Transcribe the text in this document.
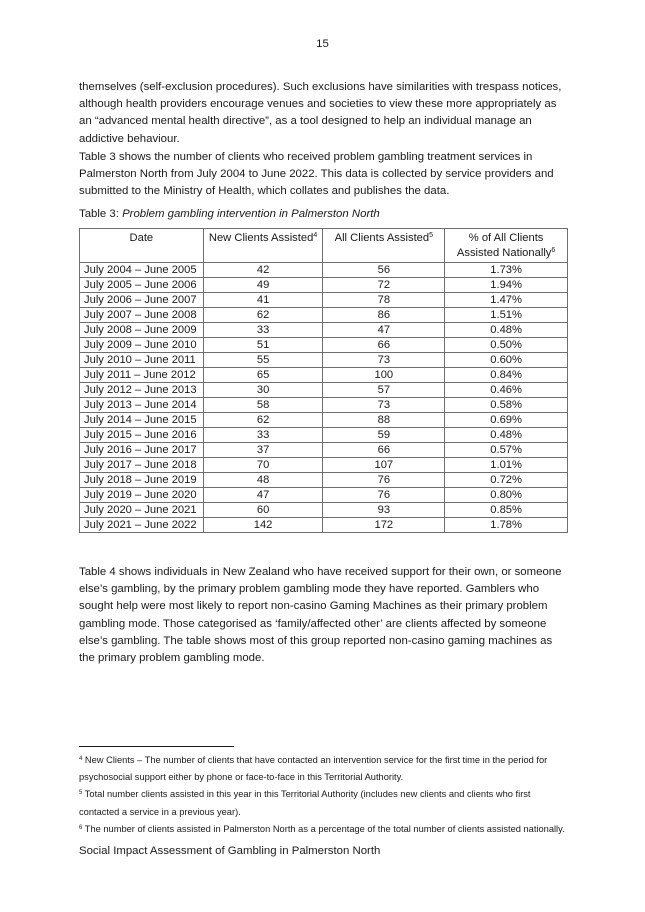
15

themselves (self-exclusion procedures). Such exclusions have similarities with trespass notices, although health providers encourage venues and societies to view these more appropriately as an “advanced mental health directive”, as a tool designed to help an individual manage an addictive behaviour.

Table 3 shows the number of clients who received problem gambling treatment services in Palmerston North from July 2004 to June 2022. This data is collected by service providers and submitted to the Ministry of Health, which collates and publishes the data.

Table 3: Problem gambling intervention in Palmerston North

Date	New Clients Assisted$^4$	All Clients Assisted$^5$	% of All Clients
Assisted Nationally$^6$
July 2004 – June 2005	42	56	1.73%
July 2005 – June 2006	49	72	1.94%
July 2006 – June 2007	41	78	1.47%
July 2007 – June 2008	62	86	1.51%
July 2008 – June 2009	33	47	0.48%
July 2009 – June 2010	51	66	0.50%
July 2010 – June 2011	55	73	0.60%
July 2011 – June 2012	65	100	0.84%
July 2012 – June 2013	30	57	0.46%
July 2013 – June 2014	58	73	0.58%
July 2014 – June 2015	62	88	0.69%
July 2015 – June 2016	33	59	0.48%
July 2016 – June 2017	37	66	0.57%
July 2017 – June 2018	70	107	1.01%
July 2018 – June 2019	48	76	0.72%
July 2019 – June 2020	47	76	0.80%
July 2020 – June 2021	60	93	0.85%
July 2021 – June 2022	142	172	1.78%

Table 4 shows individuals in New Zealand who have received support for their own, or someone else’s gambling, by the primary problem gambling mode they have reported. Gamblers who sought help were most likely to report non-casino Gaming Machines as their primary problem gambling mode. Those categorised as ‘family/affected other’ are clients affected by someone else’s gambling. The table shows most of this group reported non-casino gaming machines as the primary problem gambling mode.

$^4$ New Clients – The number of clients that have contacted an intervention service for the first time in the period for psychosocial support either by phone or face-to-face in this Territorial Authority.

$^5$ Total number clients assisted in this year in this Territorial Authority (includes new clients and clients who first contacted a service in a previous year).

$^6$ The number of clients assisted in Palmerston North as a percentage of the total number of clients assisted nationally.

Social Impact Assessment of Gambling in Palmerston North
